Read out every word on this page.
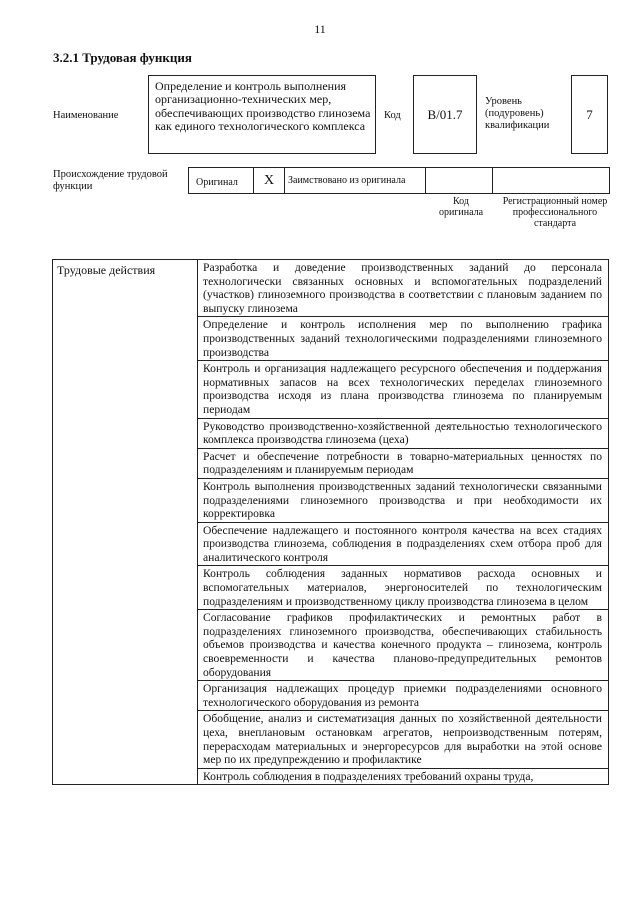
11
3.2.1 Трудовая функция
Наименование
Определение и контроль выполнения организационно-технических мер, обеспечивающих производство глинозема как единого технологического комплекса
Код B/01.7
Уровень (подуровень) квалификации
7
Происхождение трудовой функции	Оригинал	X	Заимствовано из оригинала

Код оригинала
Регистрационный номер профессионального стандарта
Трудовые действия	Разработка и доведение производственных заданий до персонала технологически связанных основных и вспомогательных подразделений (участков) глиноземного производства в соответствии с плановым заданием по выпуску глинозема
Определение и контроль исполнения мер по выполнению графика производственных заданий технологическими подразделениями глиноземного производства
Контроль и организация надлежащего ресурсного обеспечения и поддержания нормативных запасов на всех технологических переделах глиноземного производства исходя из плана производства глинозема по планируемым периодам
Руководство производственно-хозяйственной деятельностью технологического комплекса производства глинозема (цеха)
Расчет и обеспечение потребности в товарно-материальных ценностях по подразделениям и планируемым периодам
Контроль выполнения производственных заданий технологически связанными подразделениями глиноземного производства и при необходимости их корректировка
Обеспечение надлежащего и постоянного контроля качества на всех стадиях производства глинозема, соблюдения в подразделениях схем отбора проб для аналитического контроля
Контроль соблюдения заданных нормативов расхода основных и вспомогательных материалов, энергоносителей по технологическим подразделениям и производственному циклу производства глинозема в целом
Согласование графиков профилактических и ремонтных работ в подразделениях глиноземного производства, обеспечивающих стабильность объемов производства и качества конечного продукта – глинозема, контроль своевременности и качества планово-предупредительных ремонтов оборудования
Организация надлежащих процедур приемки подразделениями основного технологического оборудования из ремонта
Обобщение, анализ и систематизация данных по хозяйственной деятельности цеха, внеплановым остановкам агрегатов, непроизводственным потерям, перерасходам материальных и энергоресурсов для выработки на этой основе мер по их предупреждению и профилактике
Контроль соблюдения в подразделениях требований охраны труда,
